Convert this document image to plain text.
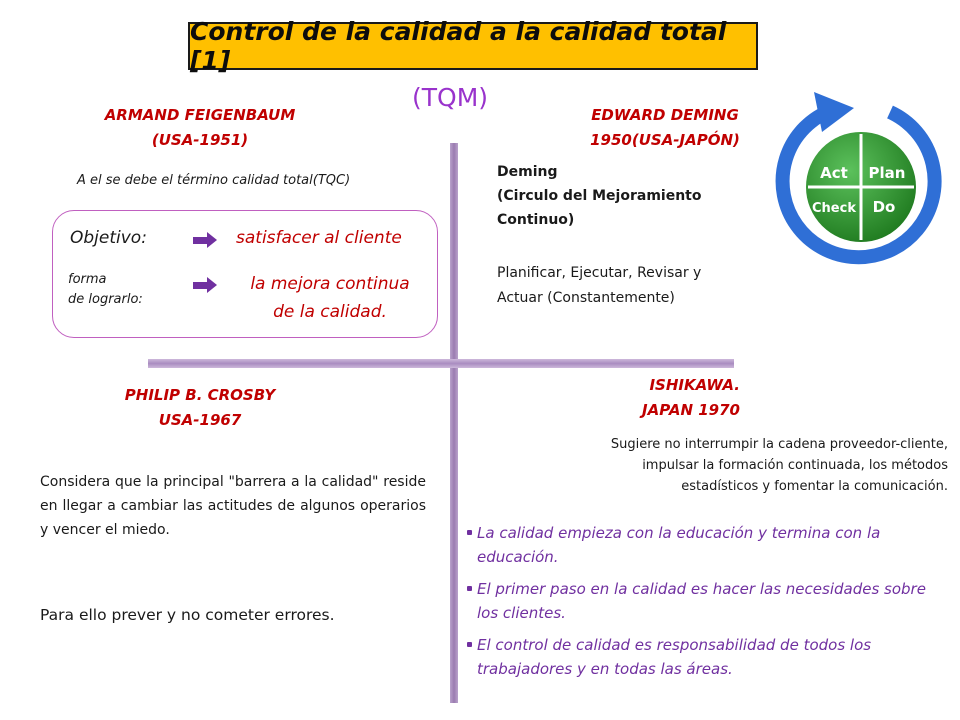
Control de la calidad a la calidad total [1]
(TQM)
ARMAND FEIGENBAUM
(USA-1951)
A el se debe el término calidad total(TQC)
Objetivo:	satisfacer al cliente
forma
de lograrlo:
la mejora continua
de la calidad.
EDWARD DEMING
1950(USA-JAPÓN)
Deming
(Circulo del Mejoramiento
Continuo)
Planificar, Ejecutar, Revisar y
Actuar (Constantemente)
Act Plan
Check Do
PHILIP B. CROSBY
USA-1967
Considera que la principal "barrera a la calidad" reside en llegar a cambiar las actitudes de algunos operarios y vencer el miedo.
Para ello prever y no cometer errores.
ISHIKAWA.
JAPAN 1970
Sugiere no interrumpir la cadena proveedor-cliente,
impulsar la formación continuada, los métodos
estadísticos y fomentar la comunicación.
La calidad empieza con la educación y termina con la educación.
El primer paso en la calidad es hacer las necesidades sobre los clientes.
El control de calidad es responsabilidad de todos los trabajadores y en todas las áreas.
